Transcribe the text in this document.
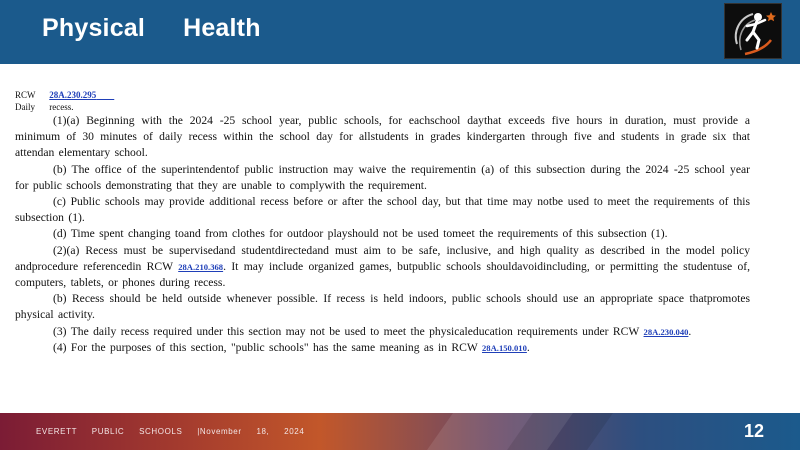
Physical Health
RCW 28A.230.295
Daily recess.
(1)(a) Beginning with the 2024 -25 school year, public schools, for eachschool daythat exceeds five hours in duration, must provide a minimum of 30 minutes of daily recess within the school day for allstudents in grades kindergarten through five and students in grade six that attendan elementary school.
(b) The office of the superintendentof public instruction may waive the requirementin (a) of this subsection during the 2024 -25 school year for public schools demonstrating that they are unable to complywith the requirement.
(c) Public schools may provide additional recess before or after the school day, but that time may notbe used to meet the requirements of this subsection (1).
(d) Time spent changing toand from clothes for outdoor playshould not be used tomeet the requirements of this subsection (1).
(2)(a) Recess must be supervisedand studentdirectedand must aim to be safe, inclusive, and high quality as described in the model policy andprocedure referencedin RCW 28A.210.368. It may include organized games, butpublic schools shouldavoidincluding, or permitting the studentuse of, computers, tablets, or phones during recess.
(b) Recess should be held outside whenever possible. If recess is held indoors, public schools should use an appropriate space thatpromotes physical activity.
(3) The daily recess required under this section may not be used to meet the physicaleducation requirements under RCW 28A.230.040.
(4) For the purposes of this section, "public schools" has the same meaning as in RCW 28A.150.010.
EVERETT PUBLIC SCHOOLS |November 18, 2024	12
